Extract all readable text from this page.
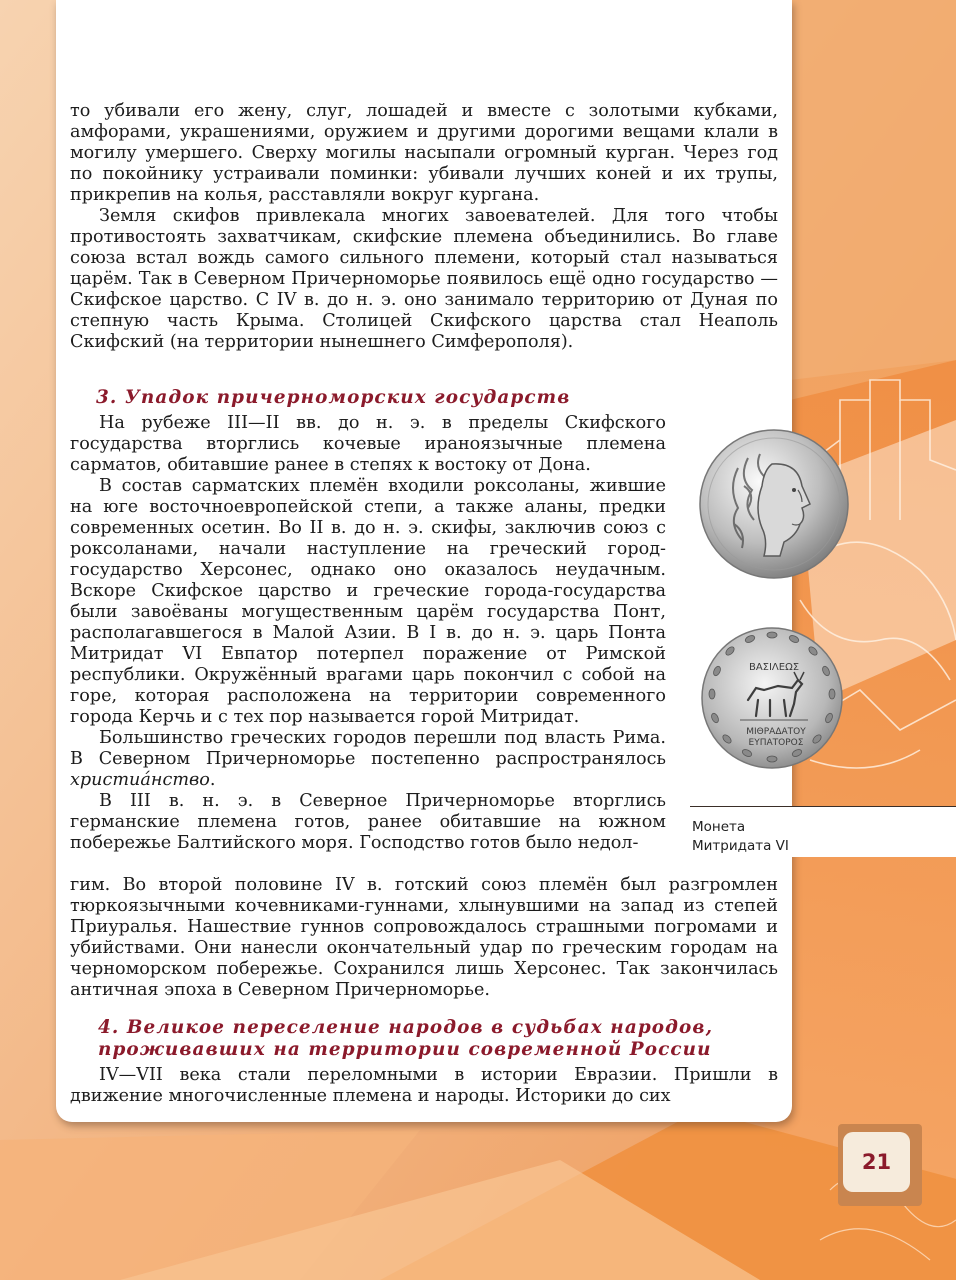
то убивали его жену, слуг, лошадей и вместе с золотыми кубками, амфорами, украшениями, оружием и другими дорогими вещами клали в могилу умершего. Сверху могилы насыпали огромный курган. Через год по покойнику устраивали поминки: убивали лучших коней и их трупы, прикрепив на колья, расставляли вокруг кургана.

Земля скифов привлекала многих завоевателей. Для того чтобы противостоять захватчикам, скифские племена объединились. Во главе союза встал вождь самого сильного племени, который стал называться царём. Так в Северном Причерноморье появилось ещё одно государство — Скифское царство. С IV в. до н. э. оно занимало территорию от Дуная по степную часть Крыма. Столицей Скифского царства стал Неаполь Скифский (на территории нынешнего Симферополя).

3. Упадок причерноморских государств

На рубеже III—II вв. до н. э. в пределы Скифского государства вторглись кочевые ираноязычные племена сарматов, обитавшие ранее в степях к востоку от Дона.

В состав сарматских племён входили роксоланы, жившие на юге восточноевропейской степи, а также аланы, предки современных осетин. Во II в. до н. э. скифы, заключив союз с роксоланами, начали наступление на греческий город-государство Херсонес, однако оно оказалось неудачным. Вскоре Скифское царство и греческие города-государства были завоёваны могущественным царём государства Понт, располагавшегося в Малой Азии. В I в. до н. э. царь Понта Митридат VI Евпатор потерпел поражение от Римской республики. Окружённый врагами царь покончил с собой на горе, которая расположена на территории современного города Керчь и с тех пор называется горой Митридат.

Большинство греческих городов перешли под власть Рима. В Северном Причерноморье постепенно распространялось христиáнство.

В III в. н. э. в Северное Причерноморье вторглись германские племена готов, ранее обитавшие на южном побережье Балтийского моря. Господство готов было недол-

гим. Во второй половине IV в. готский союз племён был разгромлен тюркоязычными кочевниками-гуннами, хлынувшими на запад из степей Приуралья. Нашествие гуннов сопровождалось страшными погромами и убийствами. Они нанесли окончательный удар по греческим городам на черноморском побережье. Сохранился лишь Херсонес. Так закончилась античная эпоха в Северном Причерноморье.

4. Великое переселение народов в судьбах народов,
проживавших на территории современной России

IV—VII века стали переломными в истории Евразии. Пришли в движение многочисленные племена и народы. Историки до сих

ΒΑΣΙΛΕΩΣ
ΜΙΘΡΑΔΑΤΟΥ
ΕΥΠΑΤΟΡΟΣ
Монета
Митридата VI
21
